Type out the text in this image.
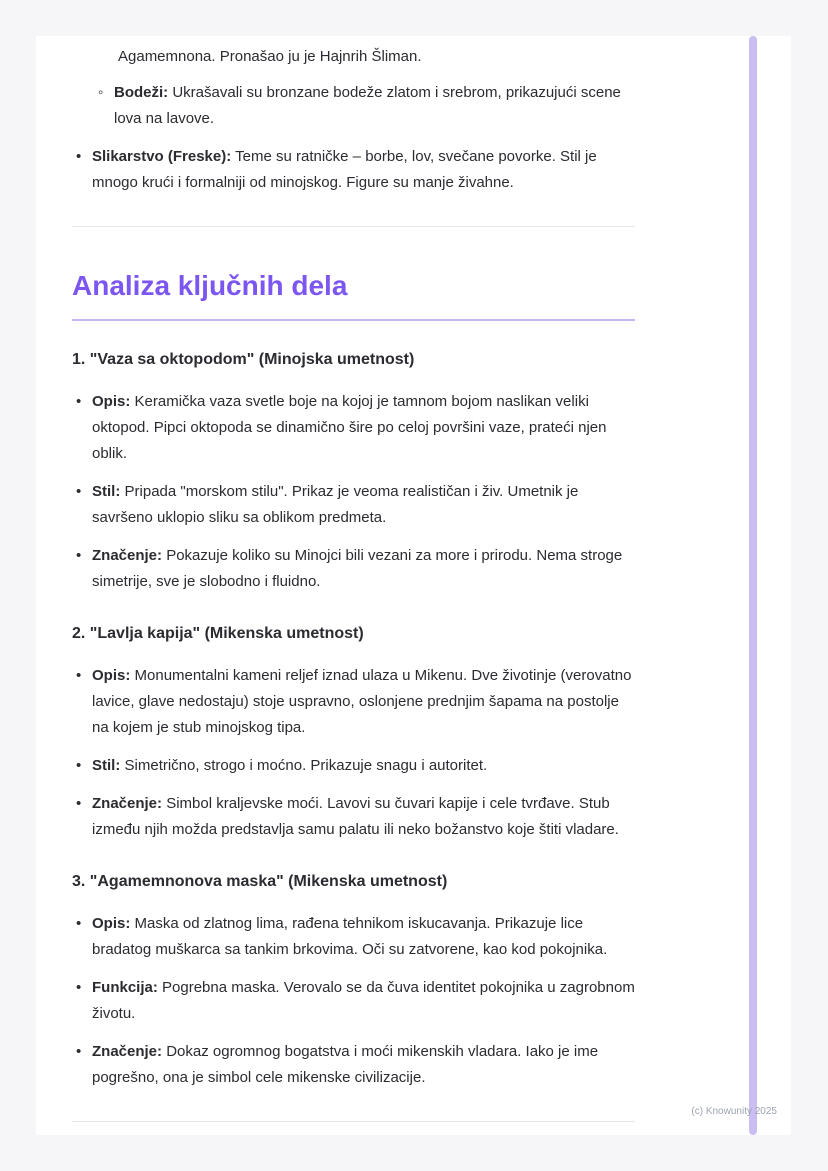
Agamemnona. Pronašao ju je Hajnrih Šliman.

◦ Bodeži: Ukrašavali su bronzane bodeže zlatom i srebrom, prikazujući scene lova na lavove.
• Slikarstvo (Freske): Teme su ratničke – borbe, lov, svečane povorke. Stil je mnogo krući i formalniji od minojskog. Figure su manje živahne.
Analiza ključnih dela
1. "Vaza sa oktopodom" (Minojska umetnost)
• Opis: Keramička vaza svetle boje na kojoj je tamnom bojom naslikan veliki oktopod. Pipci oktopoda se dinamično šire po celoj površini vaze, prateći njen oblik.
• Stil: Pripada "morskom stilu". Prikaz je veoma realističan i živ. Umetnik je savršeno uklopio sliku sa oblikom predmeta.
• Značenje: Pokazuje koliko su Minojci bili vezani za more i prirodu. Nema stroge simetrije, sve je slobodno i fluidno.
2. "Lavlja kapija" (Mikenska umetnost)
• Opis: Monumentalni kameni reljef iznad ulaza u Mikenu. Dve životinje (verovatno lavice, glave nedostaju) stoje uspravno, oslonjene prednjim šapama na postolje na kojem je stub minojskog tipa.
• Stil: Simetrično, strogo i moćno. Prikazuje snagu i autoritet.
• Značenje: Simbol kraljevske moći. Lavovi su čuvari kapije i cele tvrđave. Stub između njih možda predstavlja samu palatu ili neko božanstvo koje štiti vladare.
3. "Agamemnonova maska" (Mikenska umetnost)
• Opis: Maska od zlatnog lima, rađena tehnikom iskucavanja. Prikazuje lice bradatog muškarca sa tankim brkovima. Oči su zatvorene, kao kod pokojnika.
• Funkcija: Pogrebna maska. Verovalo se da čuva identitet pokojnika u zagrobnom životu.
• Značenje: Dokaz ogromnog bogatstva i moći mikenskih vladara. Iako je ime pogrešno, ona je simbol cele mikenske civilizacije.
(c) Knowunity 2025
